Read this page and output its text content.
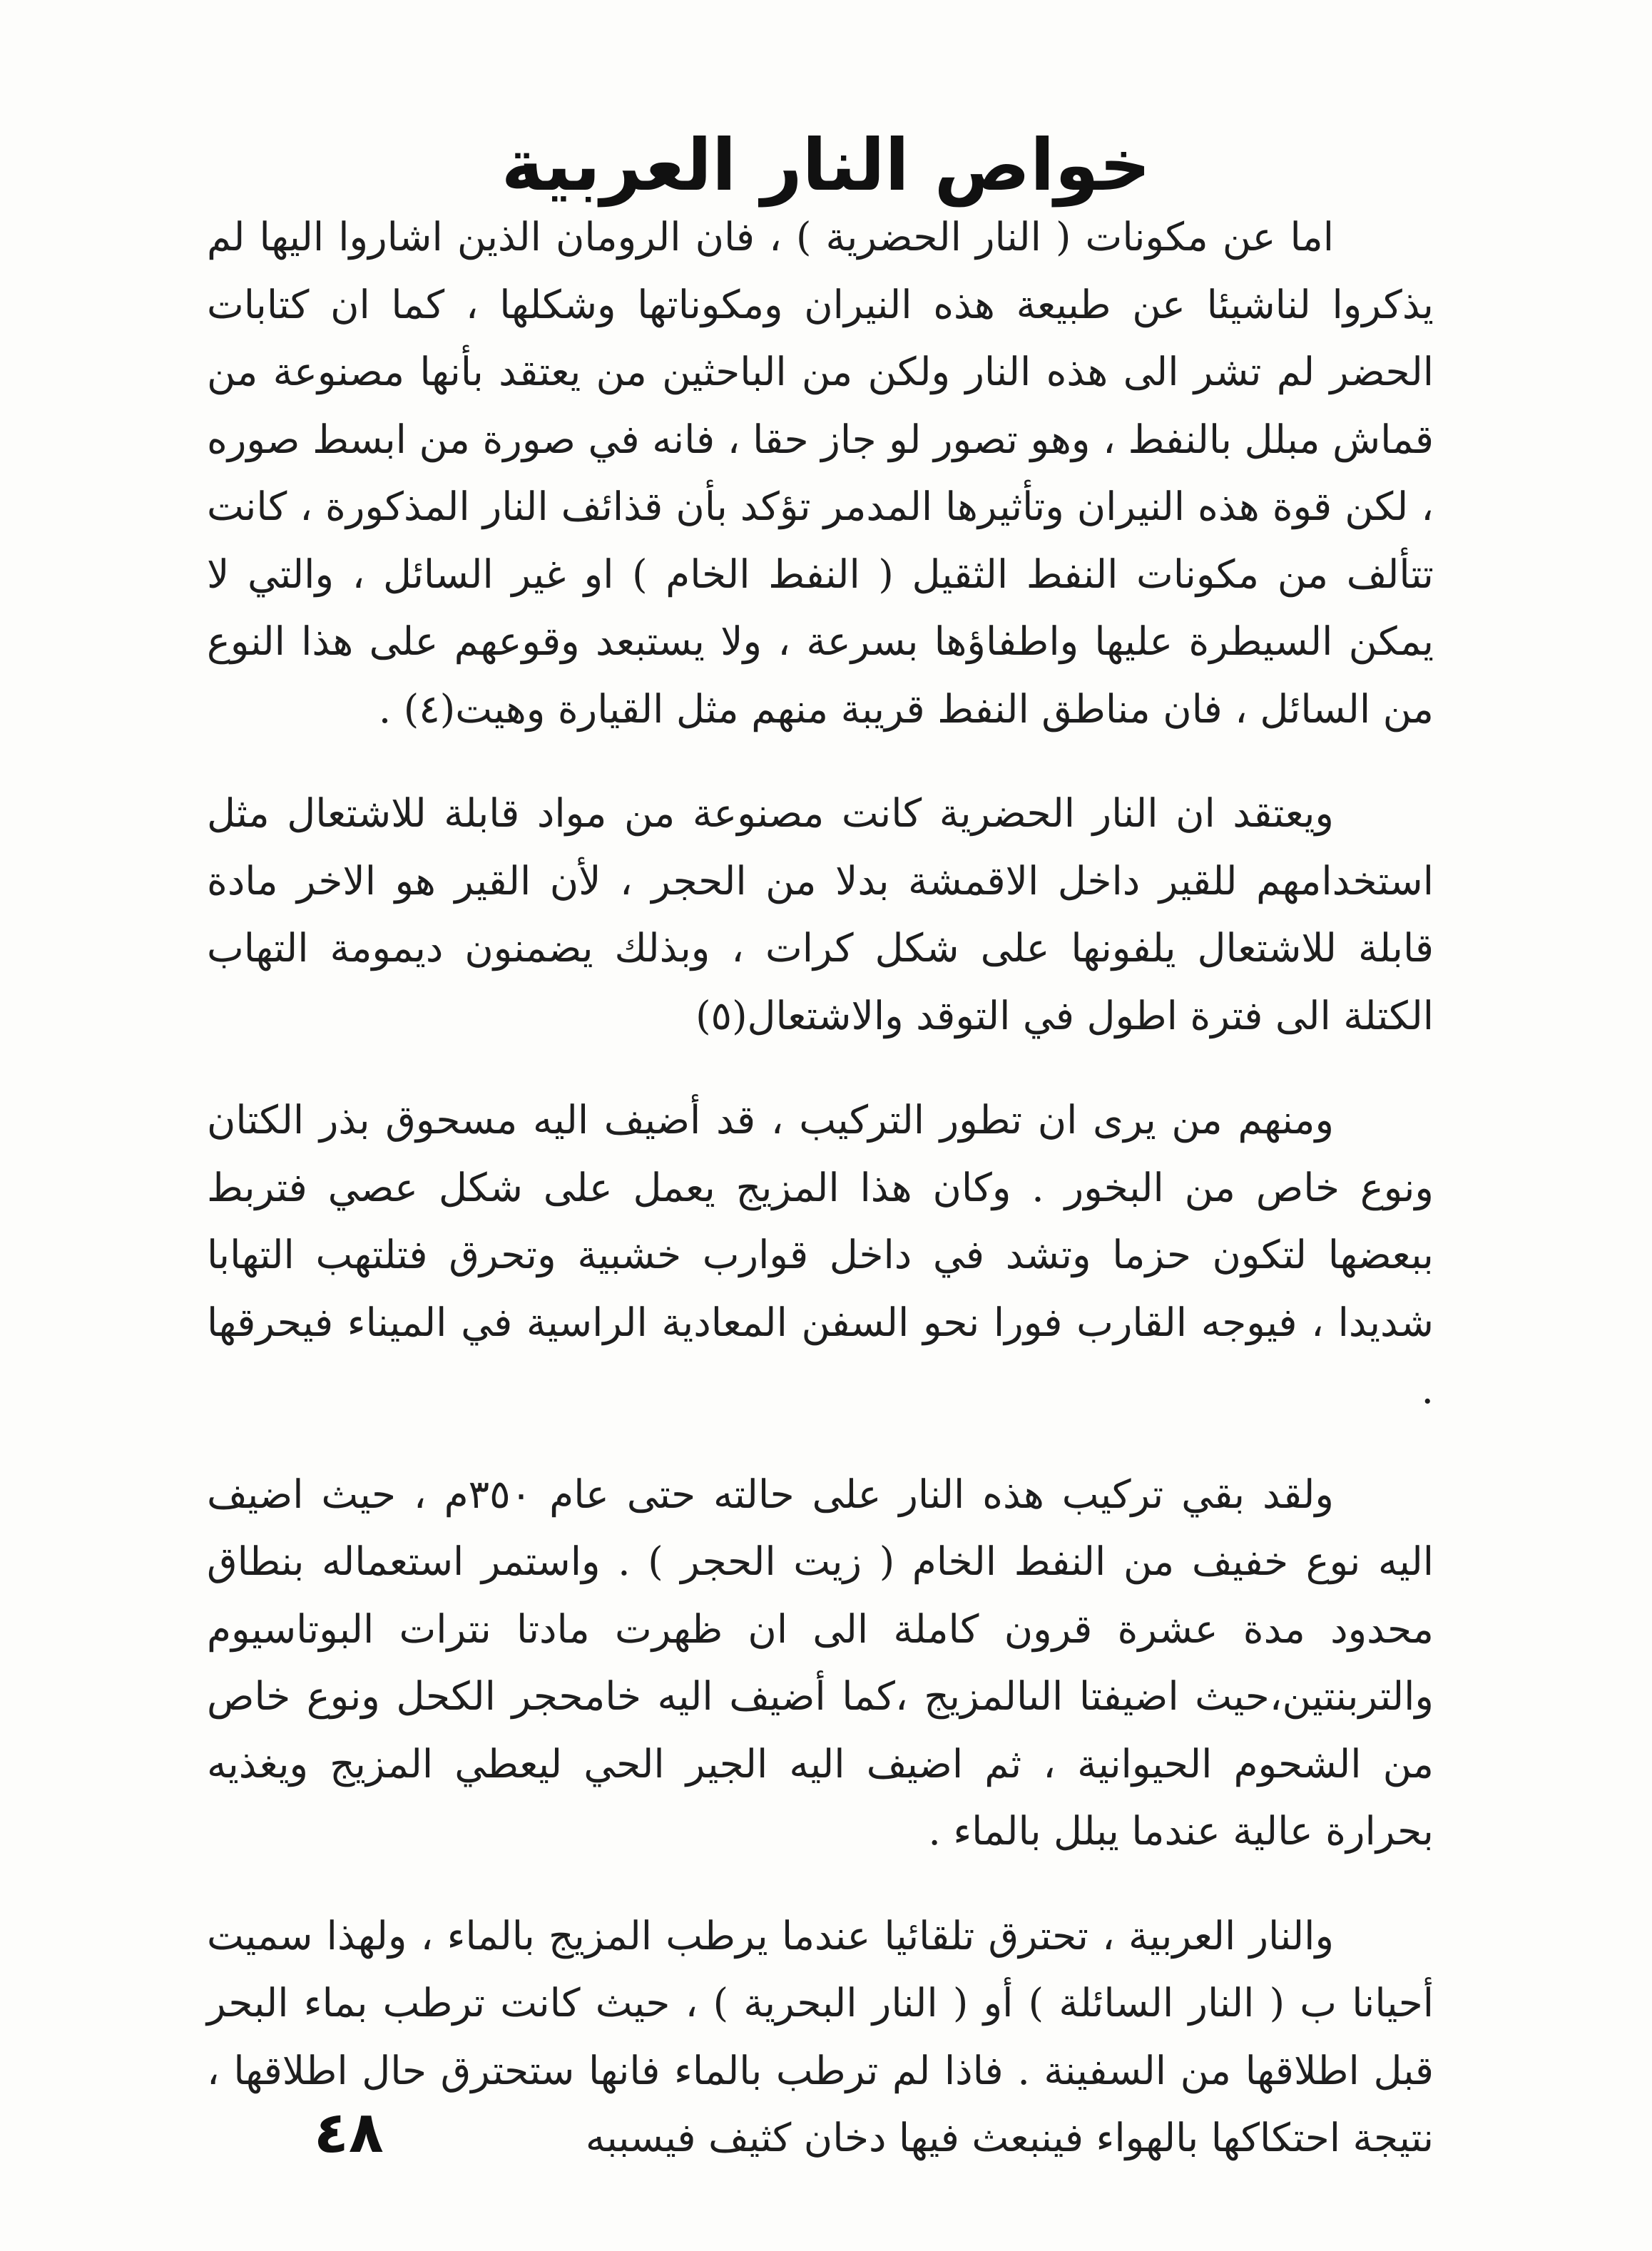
خواص النار العربية

اما عن مكونات ( النار الحضرية ) ، فان الرومان الذين اشاروا اليها لم يذكروا لناشيئا عن طبيعة هذه النيران ومكوناتها وشكلها ، كما ان كتابات الحضر لم تشر الى هذه النار ولكن من الباحثين من يعتقد بأنها مصنوعة من قماش مبلل بالنفط ، وهو تصور لو جاز حقا ، فانه في صورة من ابسط صوره ، لكن قوة هذه النيران وتأثيرها المدمر تؤكد بأن قذائف النار المذكورة ، كانت تتألف من مكونات النفط الثقيل ( النفط الخام ) او غير السائل ، والتي لا يمكن السيطرة عليها واطفاؤها بسرعة ، ولا يستبعد وقوعهم على هذا النوع من السائل ، فان مناطق النفط قريبة منهم مثل القيارة وهيت(٤) .

ويعتقد ان النار الحضرية كانت مصنوعة من مواد قابلة للاشتعال مثل استخدامهم للقير داخل الاقمشة بدلا من الحجر ، لأن القير هو الاخر مادة قابلة للاشتعال يلفونها على شكل كرات ، وبذلك يضمنون ديمومة التهاب الكتلة الى فترة اطول في التوقد والاشتعال(٥)

ومنهم من يرى ان تطور التركيب ، قد أضيف اليه مسحوق بذر الكتان ونوع خاص من البخور . وكان هذا المزيج يعمل على شكل عصي فتربط ببعضها لتكون حزما وتشد في داخل قوارب خشبية وتحرق فتلتهب التهابا شديدا ، فيوجه القارب فورا نحو السفن المعادية الراسية في الميناء فيحرقها .

ولقد بقي تركيب هذه النار على حالته حتى عام ٣٥٠م ، حيث اضيف اليه نوع خفيف من النفط الخام ( زيت الحجر ) . واستمر استعماله بنطاق محدود مدة عشرة قرون كاملة الى ان ظهرت مادتا نترات البوتاسيوم والتربنتين،حيث اضيفتا الىالمزيج ،كما أضيف اليه خامحجر الكحل ونوع خاص من الشحوم الحيوانية ، ثم اضيف اليه الجير الحي ليعطي المزيج ويغذيه بحرارة عالية عندما يبلل بالماء .

والنار العربية ، تحترق تلقائيا عندما يرطب المزيج بالماء ، ولهذا سميت أحيانا ب ( النار السائلة ) أو ( النار البحرية ) ، حيث كانت ترطب بماء البحر قبل اطلاقها من السفينة . فاذا لم ترطب بالماء فانها ستحترق حال اطلاقها ، نتيجة احتكاكها بالهواء فينبعث فيها دخان كثيف فيسببه

٤٨
